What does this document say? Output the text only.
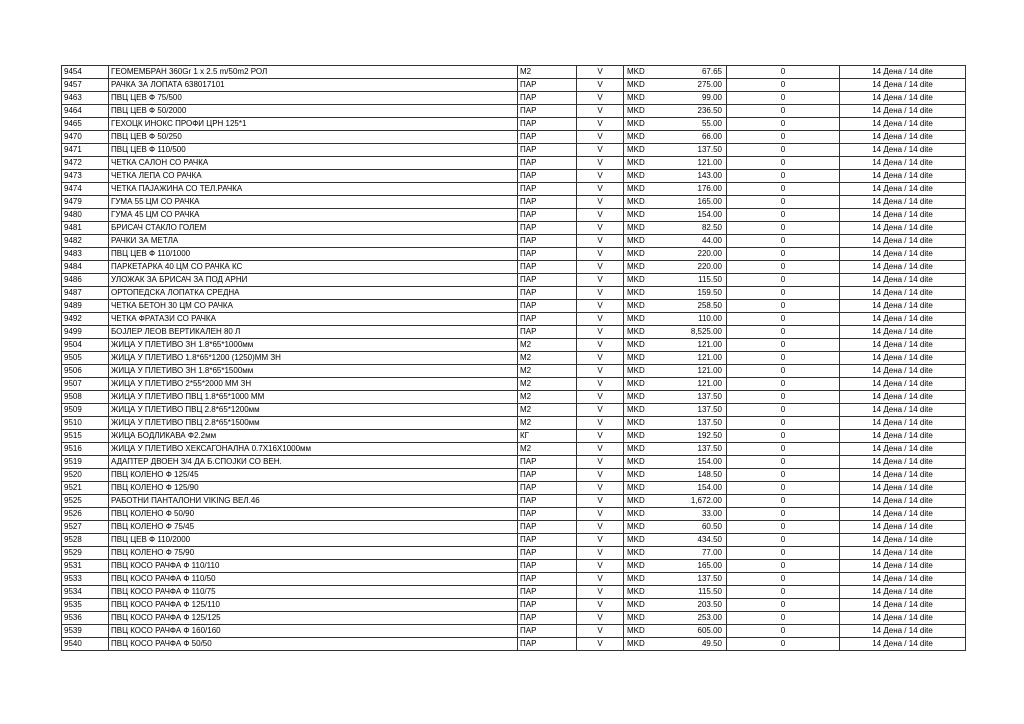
9454	ГЕОМЕМБРАН 360Gr 1 x 2.5 m/50m2 РОЛ	М2	V	MKD	67.65	0	14 Дена / 14 dite
9457	РАЧКА ЗА ЛОПАТА 638017101	ПАР	V	MKD	275.00	0	14 Дена / 14 dite
9463	ПВЦ ЦЕВ Ф 75/500	ПАР	V	MKD	99.00	0	14 Дена / 14 dite
9464	ПВЦ ЦЕВ Ф 50/2000	ПАР	V	MKD	236.50	0	14 Дена / 14 dite
9465	ГЕХОЦК ИНОКС ПРОФИ ЦРН 125*1	ПАР	V	MKD	55.00	0	14 Дена / 14 dite
9470	ПВЦ ЦЕВ Ф 50/250	ПАР	V	MKD	66.00	0	14 Дена / 14 dite
9471	ПВЦ ЦЕВ Ф 110/500	ПАР	V	MKD	137.50	0	14 Дена / 14 dite
9472	ЧЕТКА САЛОН СО РАЧКА	ПАР	V	MKD	121.00	0	14 Дена / 14 dite
9473	ЧЕТКА ЛЕПА СО РАЧКА	ПАР	V	MKD	143.00	0	14 Дена / 14 dite
9474	ЧЕТКА ПАЈАЖИНА СО ТЕЛ.РАЧКА	ПАР	V	MKD	176.00	0	14 Дена / 14 dite
9479	ГУМА 55 ЦМ СО РАЧКА	ПАР	V	MKD	165.00	0	14 Дена / 14 dite
9480	ГУМА 45 ЦМ СО РАЧКА	ПАР	V	MKD	154.00	0	14 Дена / 14 dite
9481	БРИСАЧ СТАКЛО ГОЛЕМ	ПАР	V	MKD	82.50	0	14 Дена / 14 dite
9482	РАЧКИ ЗА МЕТЛА	ПАР	V	MKD	44.00	0	14 Дена / 14 dite
9483	ПВЦ ЦЕВ Ф 110/1000	ПАР	V	MKD	220.00	0	14 Дена / 14 dite
9484	ПАРКЕТАРКА 40 ЦМ СО РАЧКА КС	ПАР	V	MKD	220.00	0	14 Дена / 14 dite
9486	УЛОЖАК ЗА БРИСАЧ ЗА ПОД АРНИ	ПАР	V	MKD	115.50	0	14 Дена / 14 dite
9487	ОРТОПЕДСКА ЛОПАТКА СРЕДНА	ПАР	V	MKD	159.50	0	14 Дена / 14 dite
9489	ЧЕТКА БЕТОН 30 ЦМ СО РАЧКА	ПАР	V	MKD	258.50	0	14 Дена / 14 dite
9492	ЧЕТКА ФРАТАЗИ СО РАЧКА	ПАР	V	MKD	110.00	0	14 Дена / 14 dite
9499	БОЈЛЕР ЛЕОВ ВЕРТИКАЛЕН 80 Л	ПАР	V	MKD	8,525.00	0	14 Дена / 14 dite
9504	ЖИЦА У ПЛЕТИВО ЗН 1.8*65*1000мм	М2	V	MKD	121.00	0	14 Дена / 14 dite
9505	ЖИЦА У ПЛЕТИВО 1.8*65*1200 (1250)ММ ЗН	М2	V	MKD	121.00	0	14 Дена / 14 dite
9506	ЖИЦА У ПЛЕТИВО ЗН 1.8*65*1500мм	М2	V	MKD	121.00	0	14 Дена / 14 dite
9507	ЖИЦА У ПЛЕТИВО 2*55*2000 ММ ЗН	М2	V	MKD	121.00	0	14 Дена / 14 dite
9508	ЖИЦА У ПЛЕТИВО ПВЦ 1.8*65*1000 ММ	М2	V	MKD	137.50	0	14 Дена / 14 dite
9509	ЖИЦА У ПЛЕТИВО ПВЦ 2.8*65*1200мм	М2	V	MKD	137.50	0	14 Дена / 14 dite
9510	ЖИЦА У ПЛЕТИВО ПВЦ 2.8*65*1500мм	М2	V	MKD	137.50	0	14 Дена / 14 dite
9515	ЖИЦА БОДЛИКАВА Ф2.2мм	КГ	V	MKD	192.50	0	14 Дена / 14 dite
9516	ЖИЦА У ПЛЕТИВО ХЕКСАГОНАЛНА 0.7Х16Х1000мм	М2	V	MKD	137.50	0	14 Дена / 14 dite
9519	АДАПТЕР ДВОЕН 3/4 ДА Б.СПОЈКИ СО ВЕН.	ПАР	V	MKD	154.00	0	14 Дена / 14 dite
9520	ПВЦ КОЛЕНО Ф 125/45	ПАР	V	MKD	148.50	0	14 Дена / 14 dite
9521	ПВЦ КОЛЕНО Ф 125/90	ПАР	V	MKD	154.00	0	14 Дена / 14 dite
9525	РАБОТНИ ПАНТАЛОНИ VIKING ВЕЛ.46	ПАР	V	MKD	1,672.00	0	14 Дена / 14 dite
9526	ПВЦ КОЛЕНО Ф 50/90	ПАР	V	MKD	33.00	0	14 Дена / 14 dite
9527	ПВЦ КОЛЕНО Ф 75/45	ПАР	V	MKD	60.50	0	14 Дена / 14 dite
9528	ПВЦ ЦЕВ Ф 110/2000	ПАР	V	MKD	434.50	0	14 Дена / 14 dite
9529	ПВЦ КОЛЕНО Ф 75/90	ПАР	V	MKD	77.00	0	14 Дена / 14 dite
9531	ПВЦ КОСО РАЧФА Ф 110/110	ПАР	V	MKD	165.00	0	14 Дена / 14 dite
9533	ПВЦ КОСО РАЧФА Ф 110/50	ПАР	V	MKD	137.50	0	14 Дена / 14 dite
9534	ПВЦ КОСО РАЧФА Ф 110/75	ПАР	V	MKD	115.50	0	14 Дена / 14 dite
9535	ПВЦ КОСО РАЧФА Ф 125/110	ПАР	V	MKD	203.50	0	14 Дена / 14 dite
9536	ПВЦ КОСО РАЧФА Ф 125/125	ПАР	V	MKD	253.00	0	14 Дена / 14 dite
9539	ПВЦ КОСО РАЧФА Ф 160/160	ПАР	V	MKD	605.00	0	14 Дена / 14 dite
9540	ПВЦ КОСО РАЧФА Ф 50/50	ПАР	V	MKD	49.50	0	14 Дена / 14 dite
